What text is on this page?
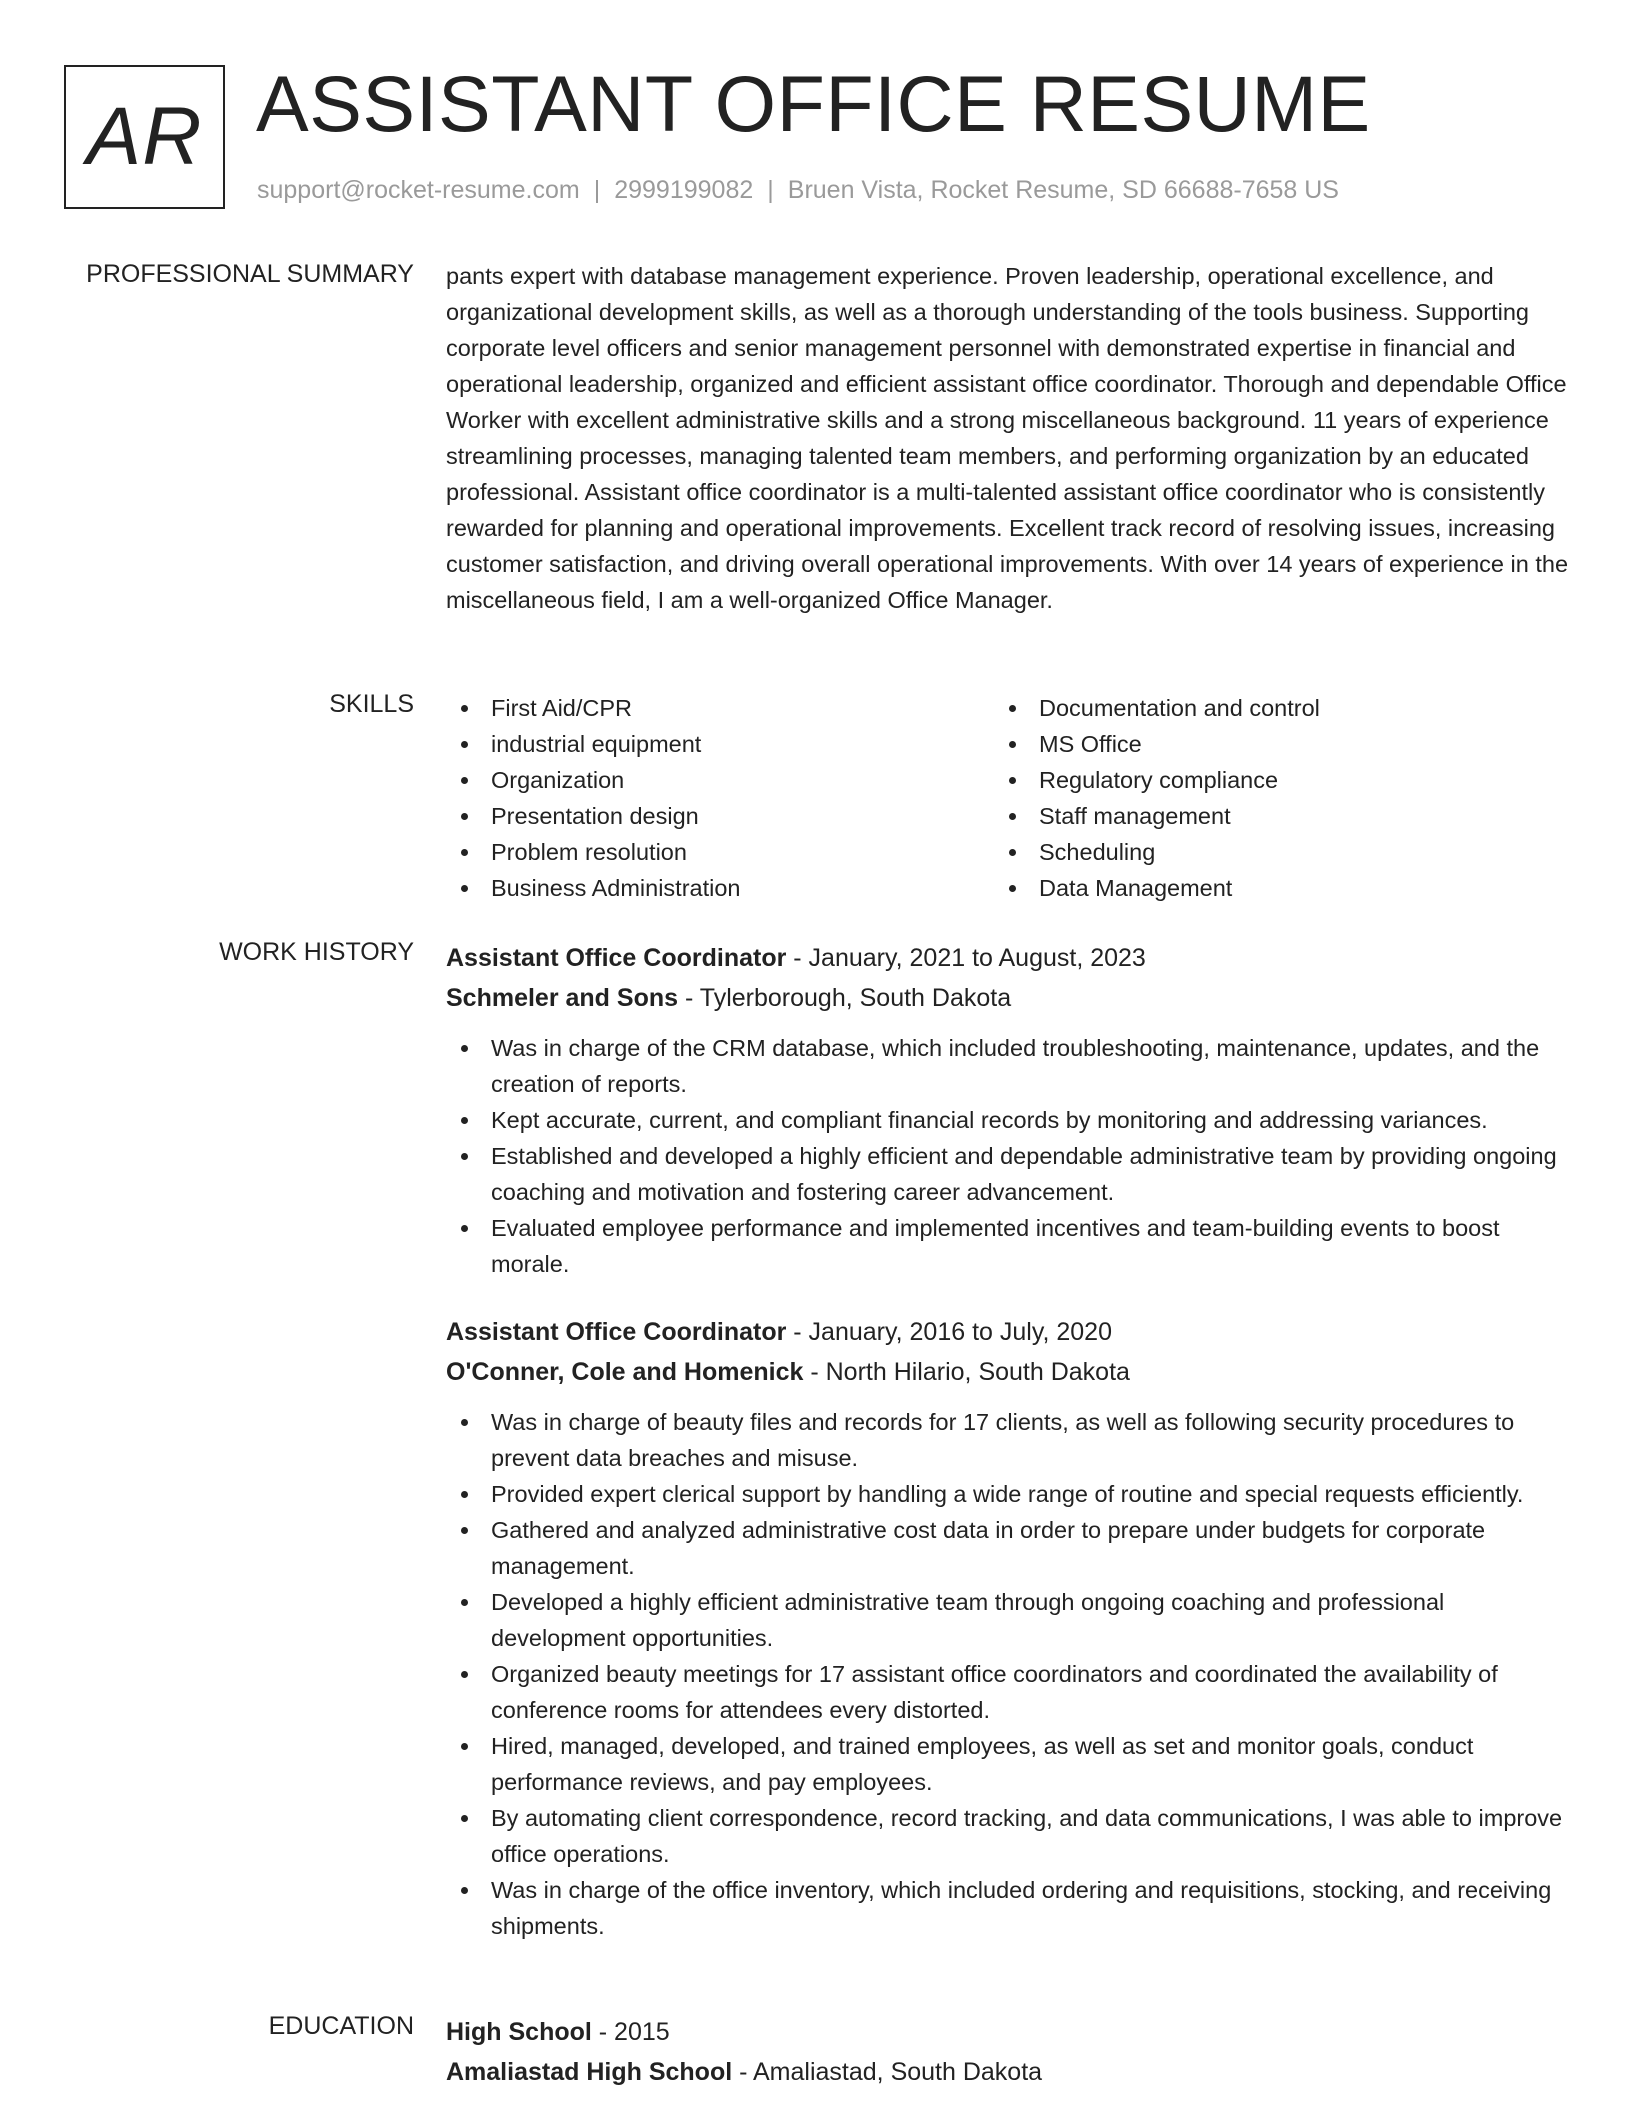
AR ASSISTANT OFFICE RESUME
support@rocket-resume.com | 2999199082 | Bruen Vista, Rocket Resume, SD 66688-7658 US
PROFESSIONAL SUMMARY pants expert with database management experience. Proven leadership, operational excellence, and organizational development skills, as well as a thorough understanding of the tools business. Supporting corporate level officers and senior management personnel with demonstrated expertise in financial and operational leadership, organized and efficient assistant office coordinator. Thorough and dependable Office Worker with excellent administrative skills and a strong miscellaneous background. 11 years of experience streamlining processes, managing talented team members, and performing organization by an educated professional. Assistant office coordinator is a multi-talented assistant office coordinator who is consistently rewarded for planning and operational improvements. Excellent track record of resolving issues, increasing customer satisfaction, and driving overall operational improvements. With over 14 years of experience in the miscellaneous field, I am a well-organized Office Manager.
SKILLS	First Aid/CPR
industrial equipment
Organization
Presentation design
Problem resolution
Business Administration
Documentation and control
MS Office
Regulatory compliance
Staff management
Scheduling
Data Management
WORK HISTORY Assistant Office Coordinator - January, 2021 to August, 2023
Schmeler and Sons - Tylerborough, South Dakota
Was in charge of the CRM database, which included troubleshooting, maintenance, updates, and the creation of reports.
Kept accurate, current, and compliant financial records by monitoring and addressing variances.
Established and developed a highly efficient and dependable administrative team by providing ongoing coaching and motivation and fostering career advancement.
Evaluated employee performance and implemented incentives and team-building events to boost morale.
Assistant Office Coordinator - January, 2016 to July, 2020
O'Conner, Cole and Homenick - North Hilario, South Dakota
Was in charge of beauty files and records for 17 clients, as well as following security procedures to prevent data breaches and misuse.
Provided expert clerical support by handling a wide range of routine and special requests efficiently.
Gathered and analyzed administrative cost data in order to prepare under budgets for corporate management.
Developed a highly efficient administrative team through ongoing coaching and professional development opportunities.
Organized beauty meetings for 17 assistant office coordinators and coordinated the availability of conference rooms for attendees every distorted.
Hired, managed, developed, and trained employees, as well as set and monitor goals, conduct performance reviews, and pay employees.
By automating client correspondence, record tracking, and data communications, I was able to improve office operations.
Was in charge of the office inventory, which included ordering and requisitions, stocking, and receiving shipments.
EDUCATION High School - 2015
Amaliastad High School - Amaliastad, South Dakota
